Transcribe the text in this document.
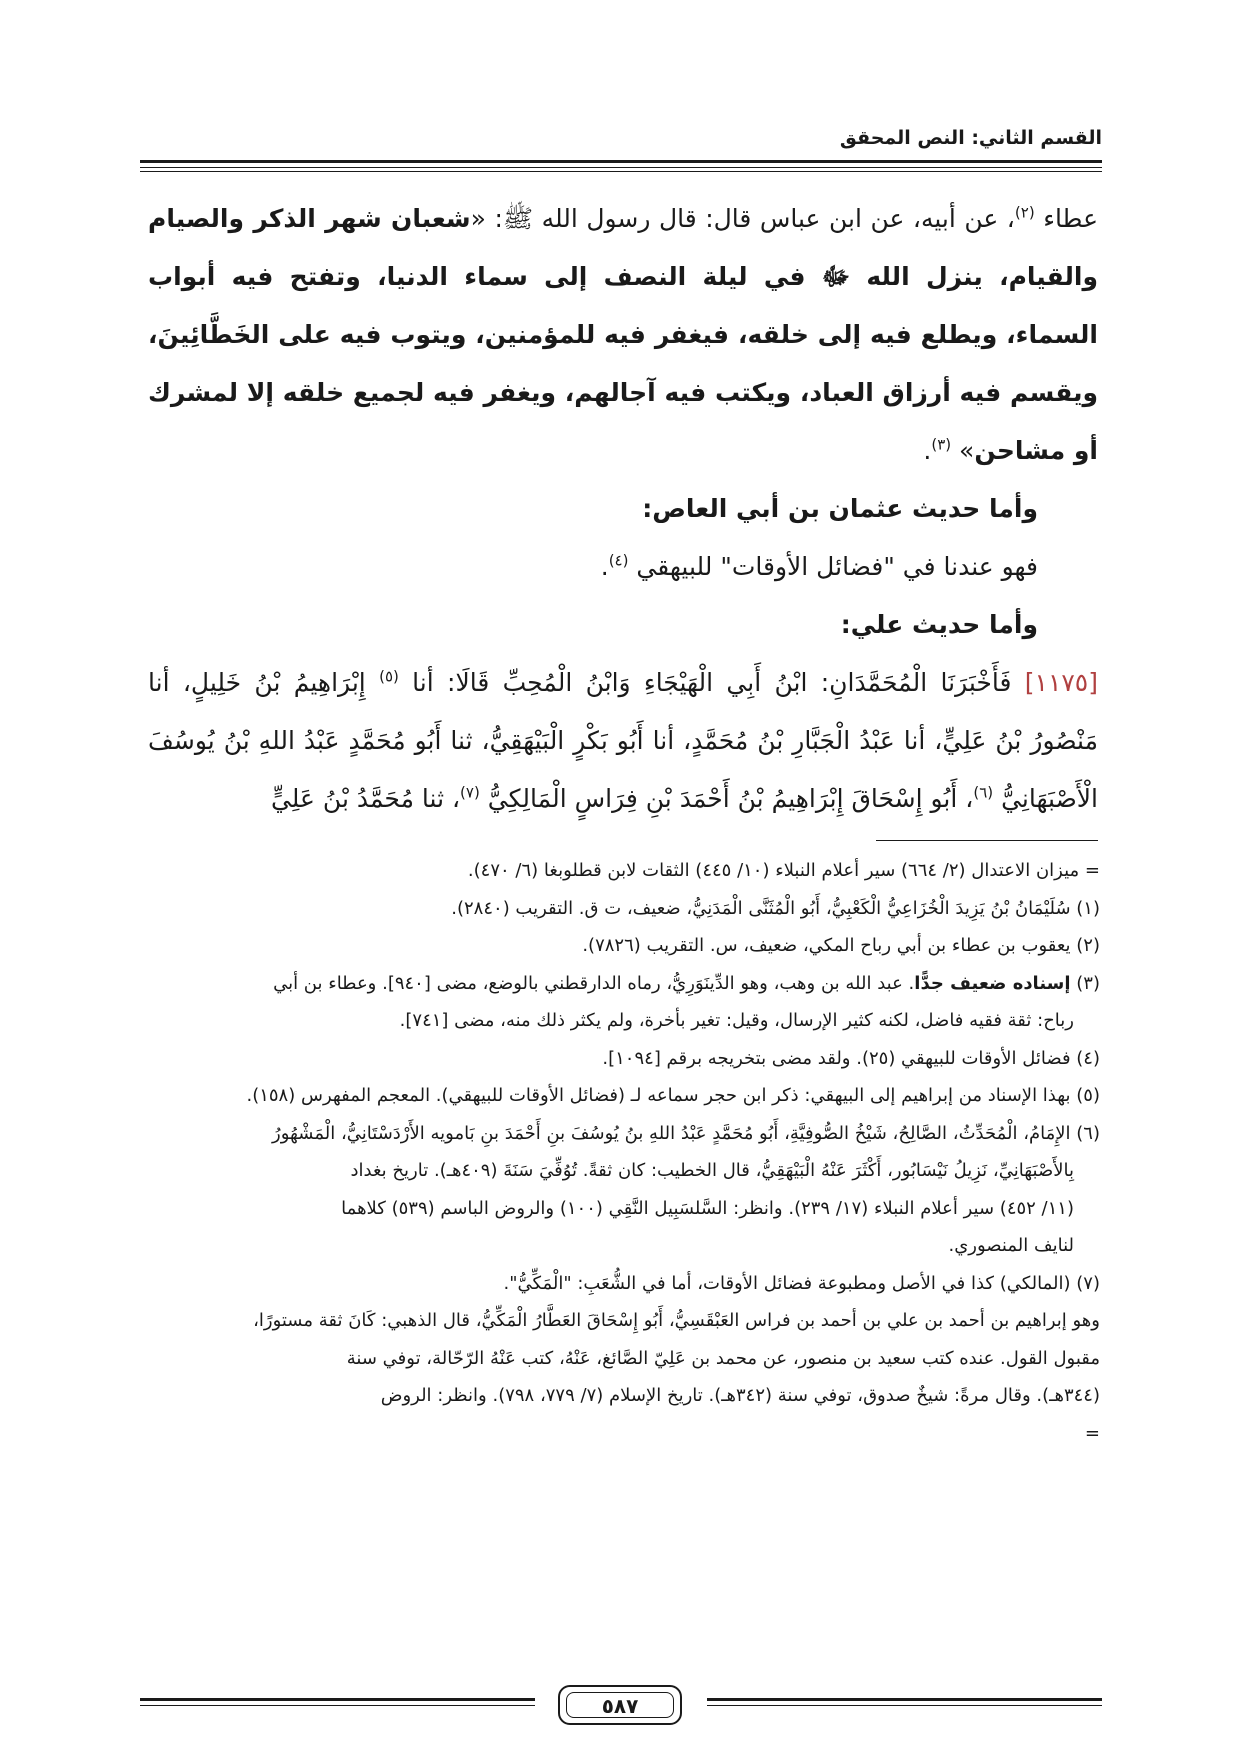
القسم الثاني: النص المحقق

عطاء $^{(٢)}$، عن أبيه، عن ابن عباس قال: قال رسول الله ﷺ: «شعبان شهر الذكر والصيام والقيام، ينزل الله ﷻ في ليلة النصف إلى سماء الدنيا، وتفتح فيه أبواب السماء، ويطلع فيه إلى خلقه، فيغفر فيه للمؤمنين، ويتوب فيه على الخَطَّائِينَ، ويقسم فيه أرزاق العباد، ويكتب فيه آجالهم، ويغفر فيه لجميع خلقه إلا لمشرك أو مشاحن» $^{(٣)}$.

وأما حديث عثمان بن أبي العاص:

فهو عندنا في "فضائل الأوقات" للبيهقي $^{(٤)}$.

وأما حديث علي:

[١١٧٥] فَأَخْبَرَنَا الْمُحَمَّدَانِ: ابْنُ أَبِي الْهَيْجَاءِ وَابْنُ الْمُحِبِّ قَالَا: أنا $^{(٥)}$ إِبْرَاهِيمُ بْنُ خَلِيلٍ، أنا مَنْصُورُ بْنُ عَلِيٍّ، أنا عَبْدُ الْجَبَّارِ بْنُ مُحَمَّدٍ، أنا أَبُو بَكْرٍ الْبَيْهَقِيُّ، ثنا أَبُو مُحَمَّدٍ عَبْدُ اللهِ بْنُ يُوسُفَ الْأَصْبَهَانِيُّ $^{(٦)}$، أَبُو إِسْحَاقَ إِبْرَاهِيمُ بْنُ أَحْمَدَ بْنِ فِرَاسٍ الْمَالِكِيُّ $^{(٧)}$، ثنا مُحَمَّدُ بْنُ عَلِيٍّ

= ميزان الاعتدال (٢/ ٦٦٤) سير أعلام النبلاء (١٠/ ٤٤٥) الثقات لابن قطلوبغا (٦/ ٤٧٠).

(١) سُلَيْمَانُ بْنُ يَزِيدَ الْخُزَاعِيُّ الْكَعْبِيُّ، أَبُو الْمُثَنَّى الْمَدَنِيُّ، ضعيف، ت ق. التقريب (٢٨٤٠).

(٢) يعقوب بن عطاء بن أبي رباح المكي، ضعيف، س. التقريب (٧٨٢٦).

(٣) إسناده ضعيف جدًّا. عبد الله بن وهب، وهو الدِّينَوَرِيُّ، رماه الدارقطني بالوضع، مضى [٩٤٠]. وعطاء بن أبي

رباح: ثقة فقيه فاضل، لكنه كثير الإرسال، وقيل: تغير بأخرة، ولم يكثر ذلك منه، مضى [٧٤١].

(٤) فضائل الأوقات للبيهقي (٢٥). ولقد مضى بتخريجه برقم [١٠٩٤].

(٥) بهذا الإسناد من إبراهيم إلى البيهقي: ذكر ابن حجر سماعه لـ (فضائل الأوقات للبيهقي). المعجم المفهرس (١٥٨).

(٦) الإِمَامُ، الْمُحَدِّثُ، الصَّالِحُ، شَيْخُ الصُّوفِيَّةِ، أَبُو مُحَمَّدٍ عَبْدُ اللهِ بنُ يُوسُفَ بنِ أَحْمَدَ بنِ بَامويه الأَرْدَسْتَانِيُّ، الْمَشْهُورُ

بِالأَصْبَهَانِيِّ، نَزِيلُ نَيْسَابُور، أَكْثَرَ عَنْهُ الْبَيْهَقِيُّ، قال الخطيب: كان ثقةً. تُوُفِّيَ سَنَةَ (٤٠٩هـ). تاريخ بغداد

(١١/ ٤٥٢) سير أعلام النبلاء (١٧/ ٢٣٩). وانظر: السَّلسَبِيل النَّقِي (١٠٠) والروض الباسم (٥٣٩) كلاهما

لنايف المنصوري.

(٧) (المالكي) كذا في الأصل ومطبوعة فضائل الأوقات، أما في الشُّعَبِ: "الْمَكِّيُّ".

وهو إبراهيم بن أحمد بن علي بن أحمد بن فراس العَبْقَسِيُّ، أَبُو إِسْحَاقَ العَطَّارُ الْمَكِّيُّ، قال الذهبي: كَانَ ثقة مستورًا،

مقبول القول. عنده كتب سعيد بن منصور، عن محمد بن عَلِيّ الصَّائغ، عَنْهُ، كتب عَنْهُ الرّحّالة، توفي سنة

(٣٤٤هـ). وقال مرةً: شيخٌ صدوق، توفي سنة (٣٤٢هـ). تاريخ الإسلام (٧/ ٧٧٩، ٧٩٨). وانظر: الروض

=

٥٨٧
